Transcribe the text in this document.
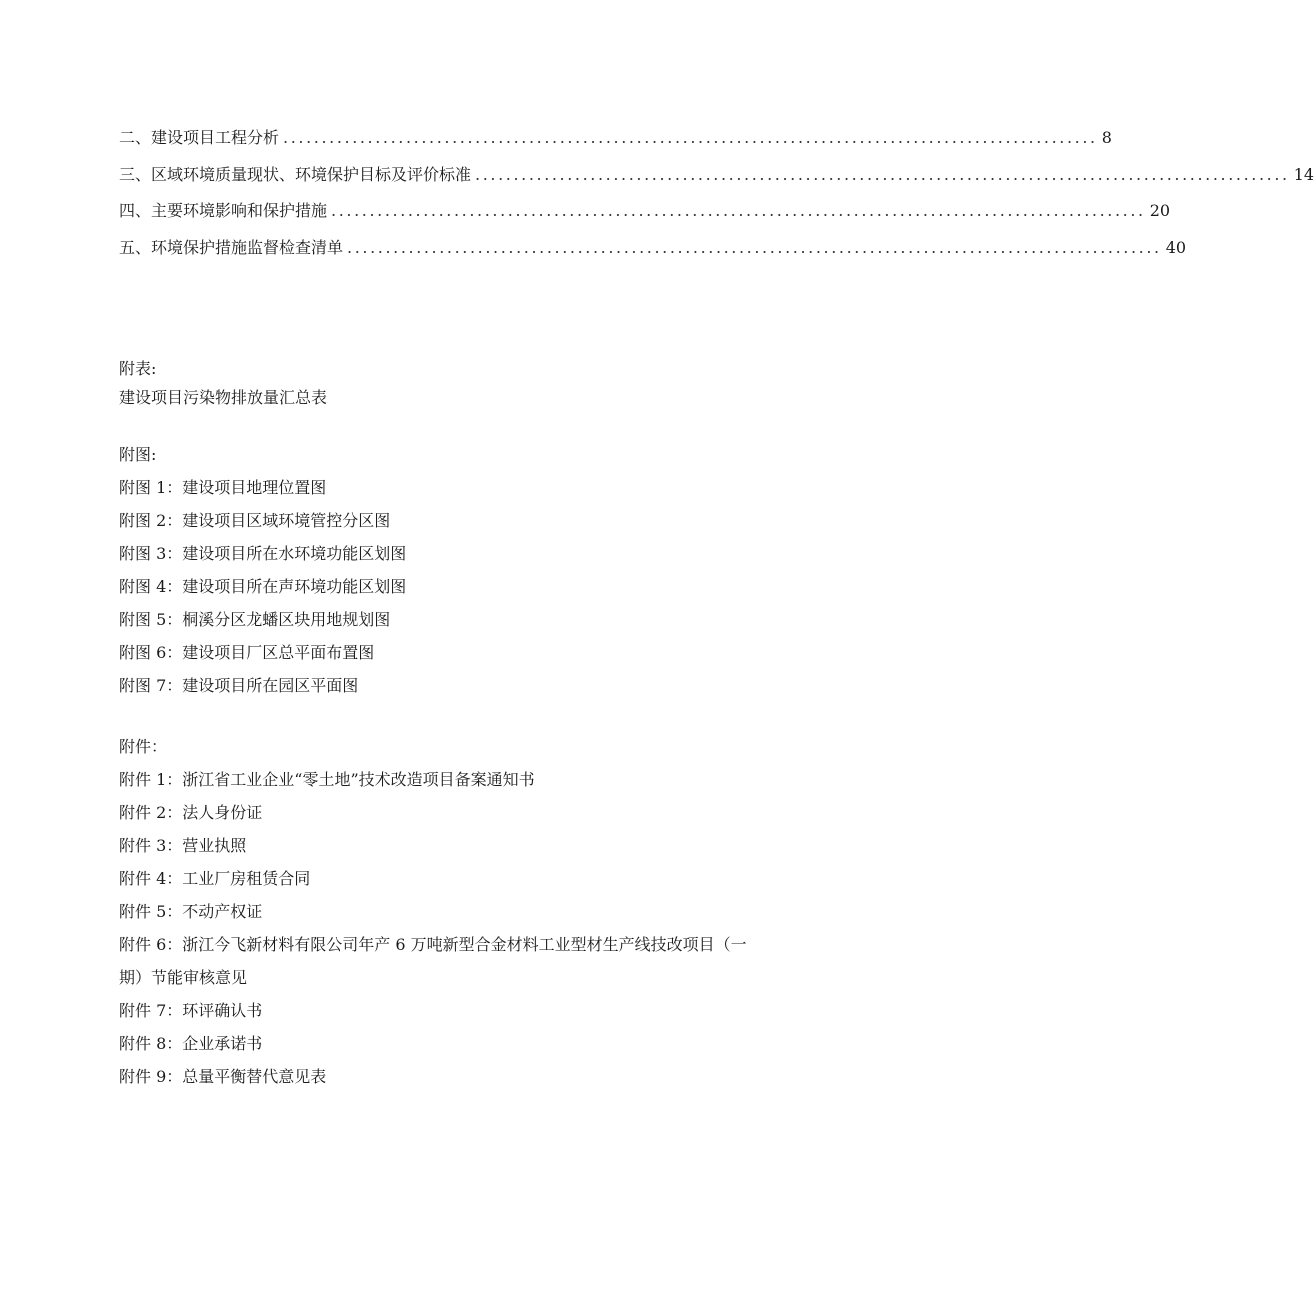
二、建设项目工程分析 .......................................................................................................... 8
三、区域环境质量现状、环境保护目标及评价标准 .......................................................................................................... 14
四、主要环境影响和保护措施 .......................................................................................................... 20
五、环境保护措施监督检查清单 .......................................................................................................... 40
附表:
建设项目污染物排放量汇总表
附图:
附图 1：建设项目地理位置图
附图 2：建设项目区域环境管控分区图
附图 3：建设项目所在水环境功能区划图
附图 4：建设项目所在声环境功能区划图
附图 5：桐溪分区龙蟠区块用地规划图
附图 6：建设项目厂区总平面布置图
附图 7：建设项目所在园区平面图
附件：
附件 1：浙江省工业企业“零土地”技术改造项目备案通知书
附件 2：法人身份证
附件 3：营业执照
附件 4：工业厂房租赁合同
附件 5：不动产权证
附件 6：浙江今飞新材料有限公司年产 6 万吨新型合金材料工业型材生产线技改项目（一
期）节能审核意见
附件 7：环评确认书
附件 8：企业承诺书
附件 9：总量平衡替代意见表
